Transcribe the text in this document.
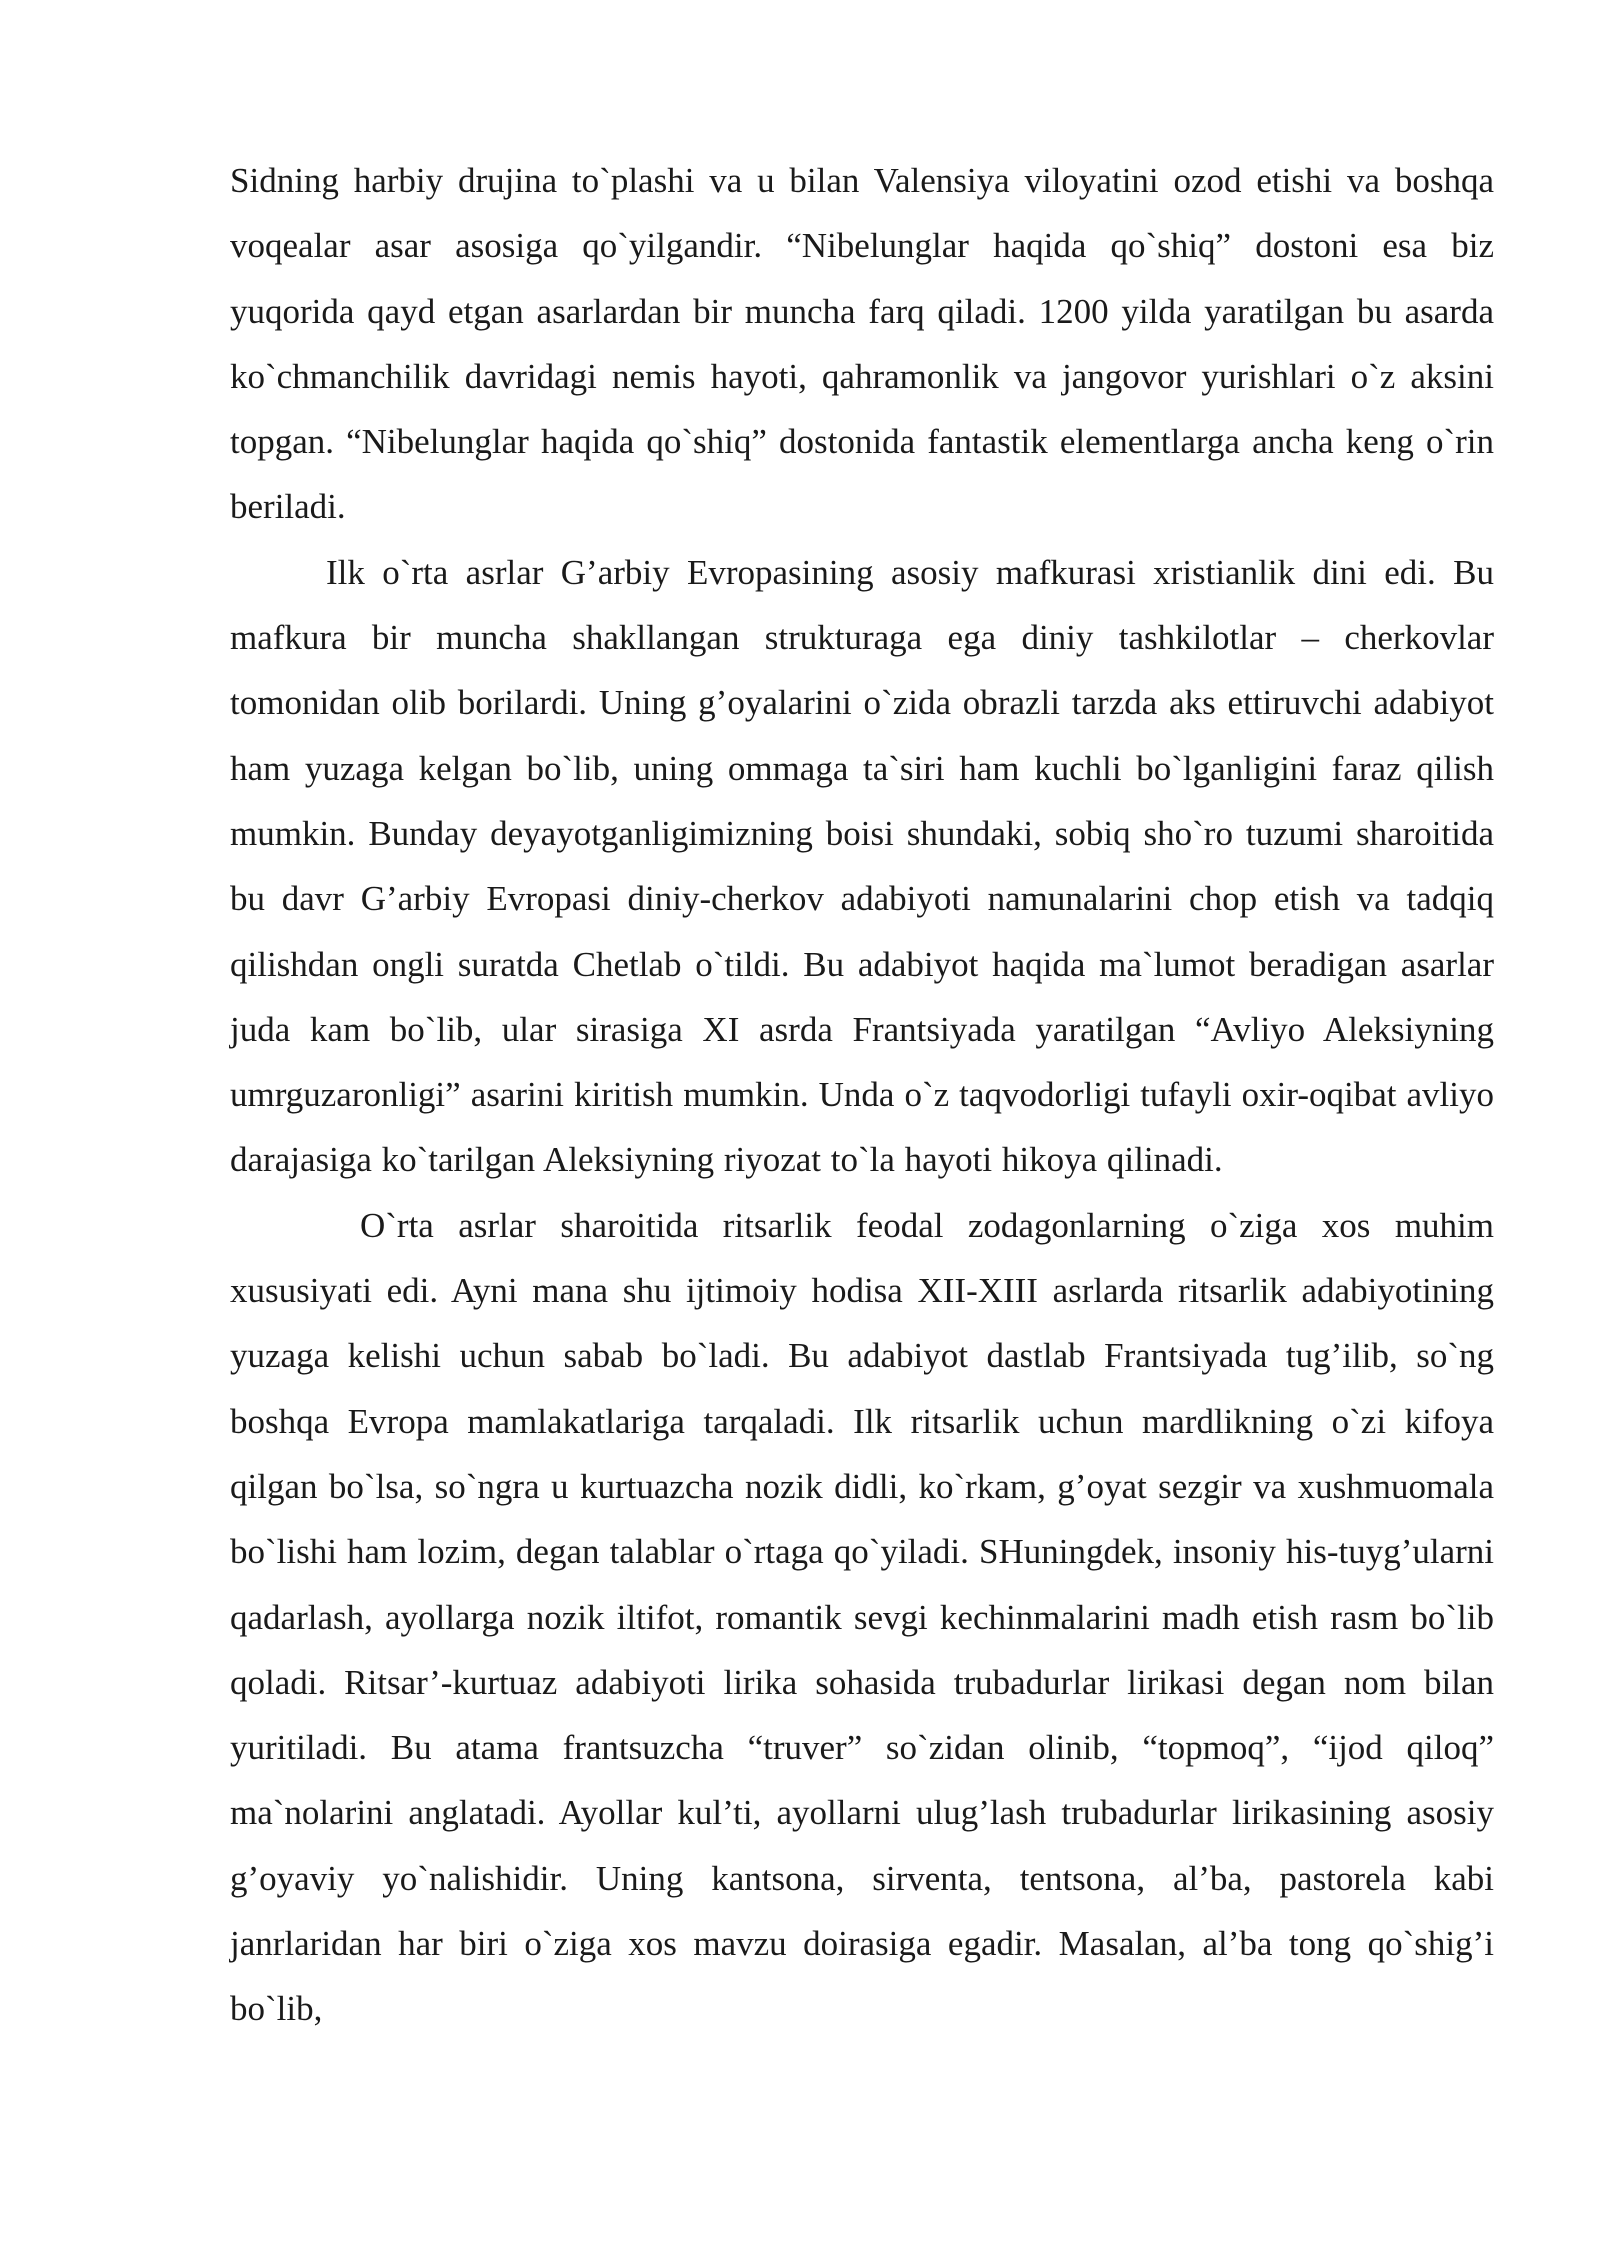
Sidning harbiy drujina to`plashi va u bilan Valensiya viloyatini ozod etishi va boshqa voqealar asar asosiga qo`yilgandir. “Nibelunglar haqida qo`shiq” dostoni esa biz yuqorida qayd etgan asarlardan bir muncha farq qiladi. 1200 yilda yaratilgan bu asarda ko`chmanchilik davridagi nemis hayoti, qahramonlik va jangovor yurishlari o`z aksini topgan. “Nibelunglar haqida qo`shiq” dostonida fantastik elementlarga ancha keng o`rin beriladi.

Ilk o`rta asrlar G’arbiy Evropasining asosiy mafkurasi xristianlik dini edi. Bu mafkura bir muncha shakllangan strukturaga ega diniy tashkilotlar – cherkovlar tomonidan olib borilardi. Uning g’oyalarini o`zida obrazli tarzda aks ettiruvchi adabiyot ham yuzaga kelgan bo`lib, uning ommaga ta`siri ham kuchli bo`lganligini faraz qilish mumkin. Bunday deyayotganligimizning boisi shundaki, sobiq sho`ro tuzumi sharoitida bu davr G’arbiy Evropasi diniy-cherkov adabiyoti namunalarini chop etish va tadqiq qilishdan ongli suratda Chetlab o`tildi. Bu adabiyot haqida ma`lumot beradigan asarlar juda kam bo`lib, ular sirasiga XI asrda Frantsiyada yaratilgan “Avliyo Aleksiyning umrguzaronligi” asarini kiritish mumkin. Unda o`z taqvodorligi tufayli oxir-oqibat avliyo darajasiga ko`tarilgan Aleksiyning riyozat to`la hayoti hikoya qilinadi.

O`rta asrlar sharoitida ritsarlik feodal zodagonlarning o`ziga xos muhim xususiyati edi. Ayni mana shu ijtimoiy hodisa XII-XIII asrlarda ritsarlik adabiyotining yuzaga kelishi uchun sabab bo`ladi. Bu adabiyot dastlab Frantsiyada tug’ilib, so`ng boshqa Evropa mamlakatlariga tarqaladi. Ilk ritsarlik uchun mardlikning o`zi kifoya qilgan bo`lsa, so`ngra u kurtuazcha nozik didli, ko`rkam, g’oyat sezgir va xushmuomala bo`lishi ham lozim, degan talablar o`rtaga qo`yiladi. SHuningdek, insoniy his-tuyg’ularni qadarlash, ayollarga nozik iltifot, romantik sevgi kechinmalarini madh etish rasm bo`lib qoladi. Ritsar’-kurtuaz adabiyoti lirika sohasida trubadurlar lirikasi degan nom bilan yuritiladi. Bu atama frantsuzcha “truver” so`zidan olinib, “topmoq”, “ijod qiloq” ma`nolarini anglatadi. Ayollar kul’ti, ayollarni ulug’lash trubadurlar lirikasining asosiy g’oyaviy yo`nalishidir. Uning kantsona, sirventa, tentsona, al’ba, pastorela kabi janrlaridan har biri o`ziga xos mavzu doirasiga egadir. Masalan, al’ba tong qo`shig’i bo`lib,
